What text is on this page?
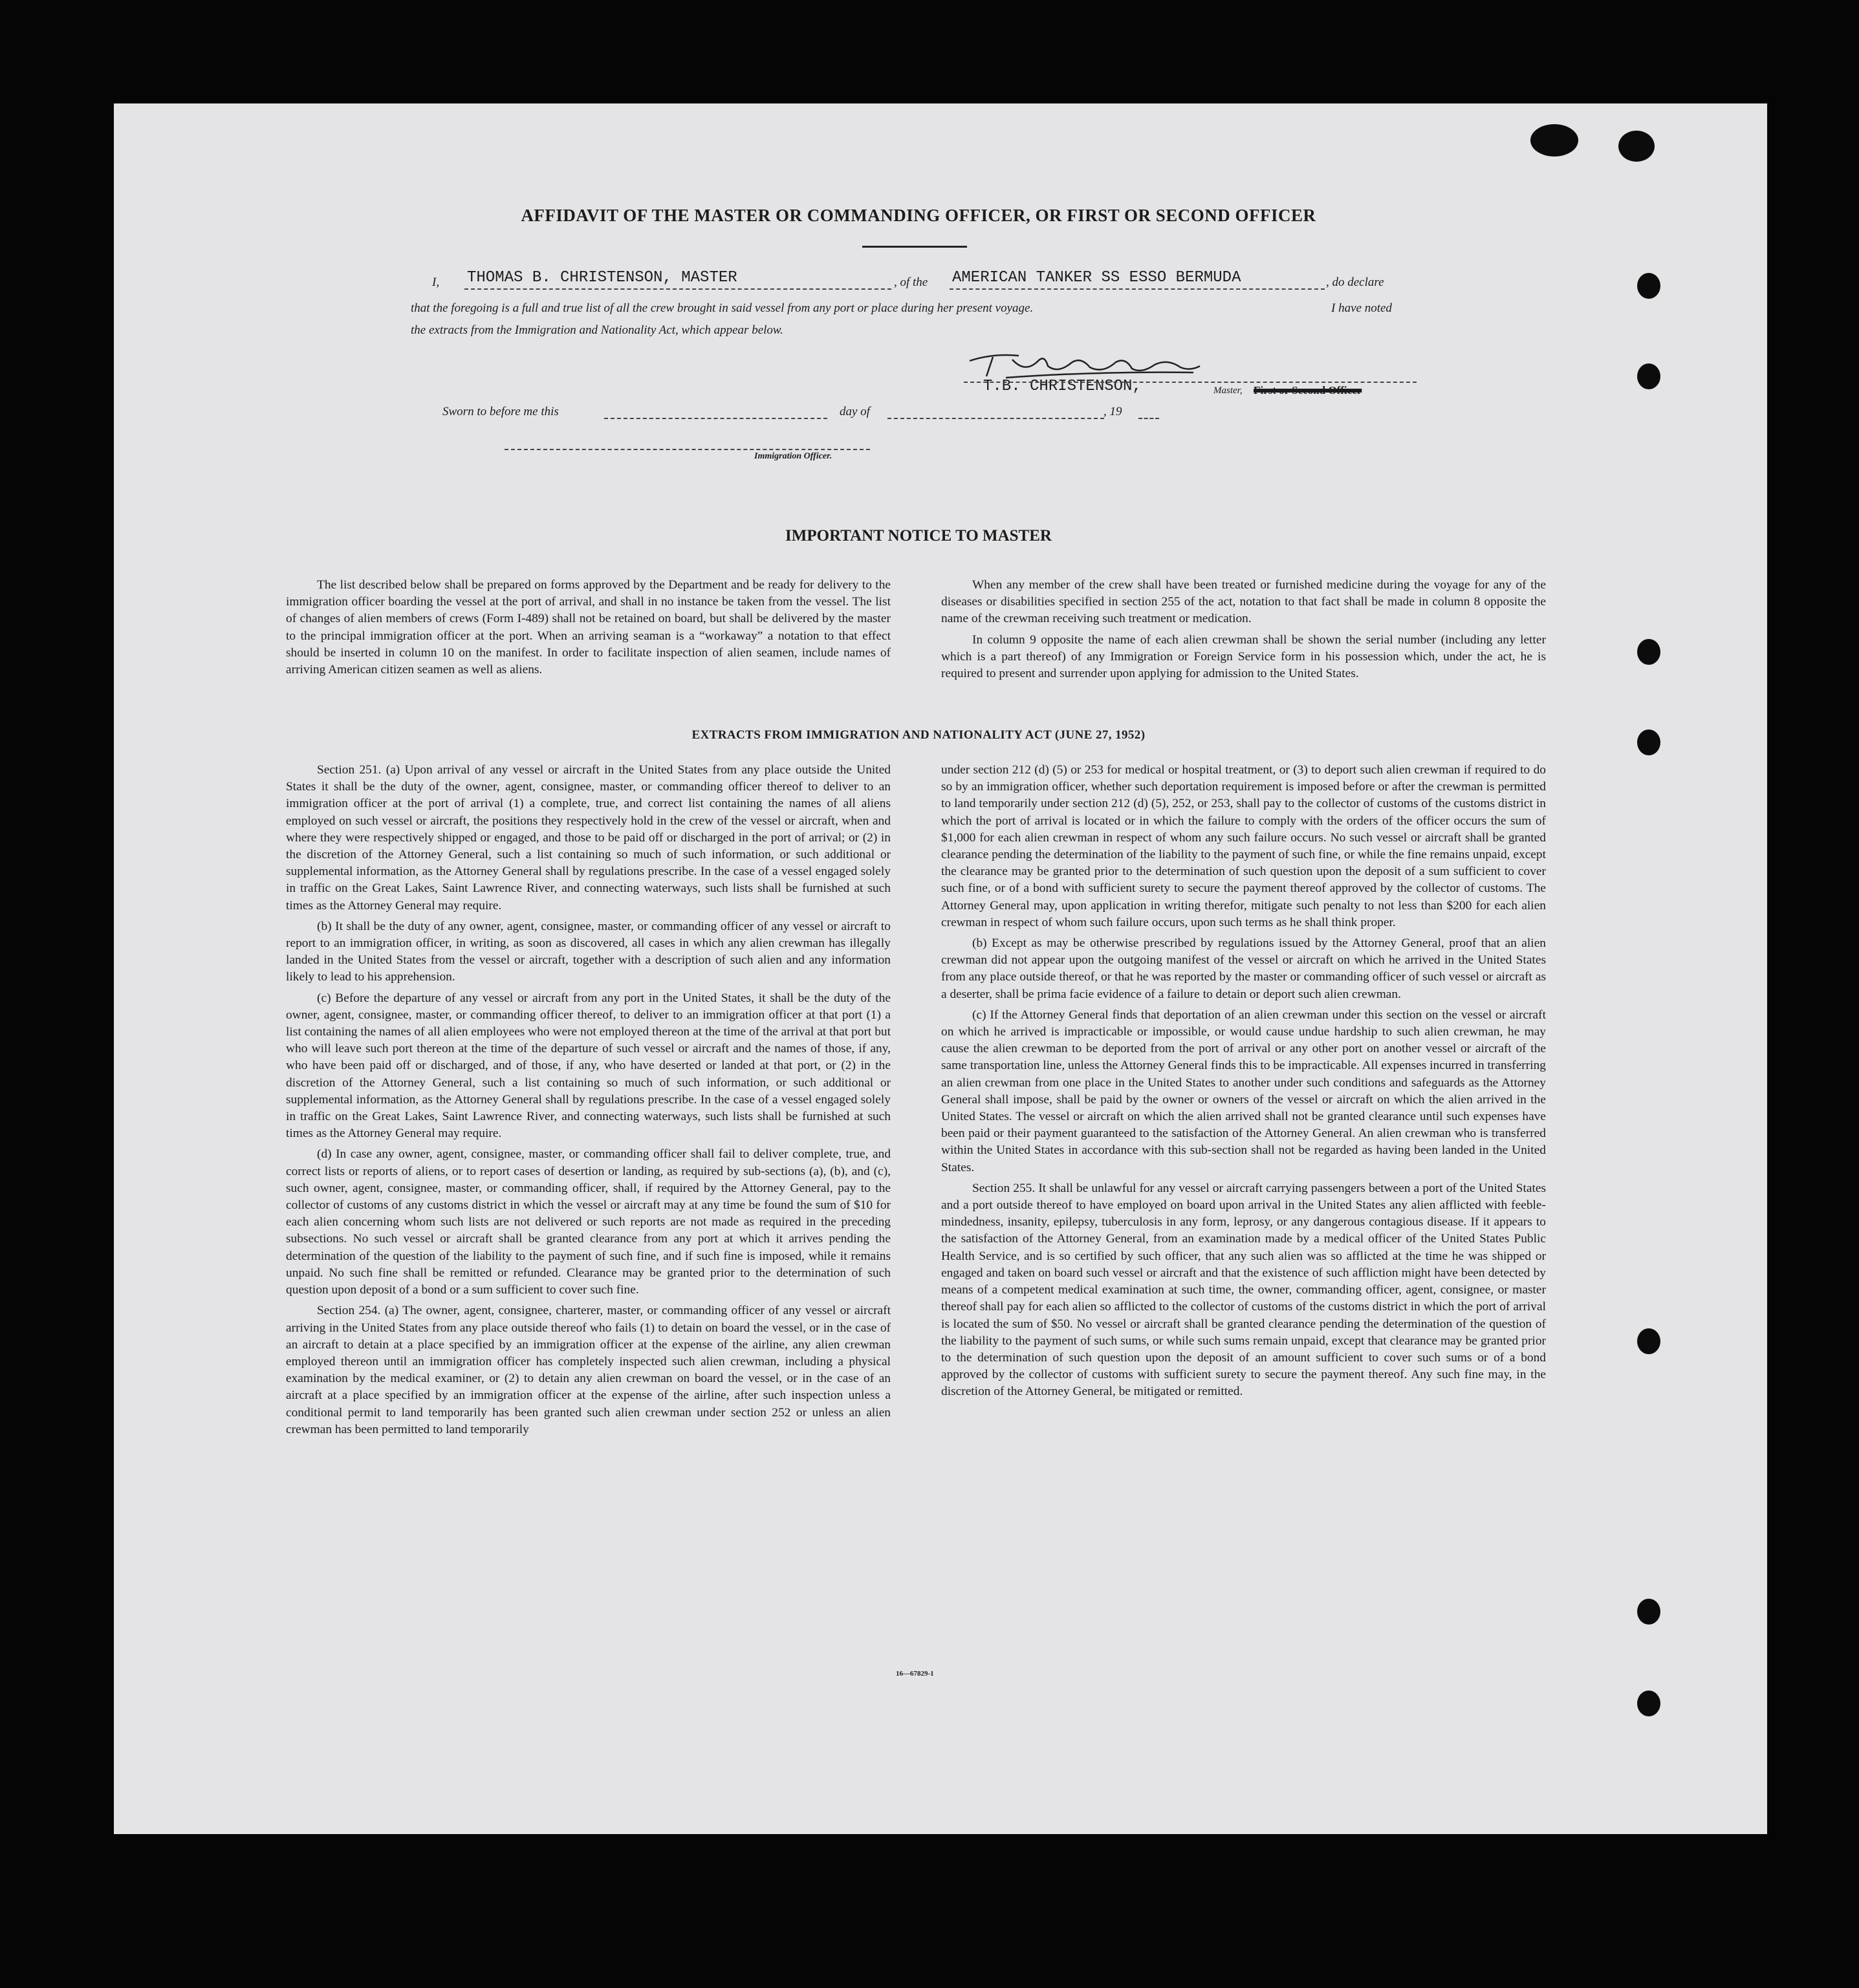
AFFIDAVIT OF THE MASTER OR COMMANDING OFFICER, OR FIRST OR SECOND OFFICER
I, THOMAS B. CHRISTENSON, MASTER	, of the AMERICAN TANKER SS ESSO BERMUDA	, do declare
that the foregoing is a full and true list of all the crew brought in said vessel from any port or place during her present voyage.	I have noted
the extracts from the Immigration and Nationality Act, which appear below.
T.B. CHRISTENSON,	Master, First or Second Officer
Sworn to before me this	day of	, 19
Immigration Officer.
IMPORTANT NOTICE TO MASTER

The list described below shall be prepared on forms approved by the Department and be ready for delivery to the immigration officer boarding the vessel at the port of arrival, and shall in no instance be taken from the vessel. The list of changes of alien members of crews (Form I-489) shall not be retained on board, but shall be delivered by the master to the principal immigration officer at the port. When an arriving seaman is a “workaway” a notation to that effect should be inserted in column 10 on the manifest. In order to facilitate inspection of alien seamen, include names of arriving American citizen seamen as well as aliens.

When any member of the crew shall have been treated or furnished medicine during the voyage for any of the diseases or disabilities specified in section 255 of the act, notation to that fact shall be made in column 8 opposite the name of the crewman receiving such treatment or medication.

In column 9 opposite the name of each alien crewman shall be shown the serial number (including any letter which is a part thereof) of any Immigration or Foreign Service form in his possession which, under the act, he is required to present and surrender upon applying for admission to the United States.

EXTRACTS FROM IMMIGRATION AND NATIONALITY ACT (JUNE 27, 1952)

Section 251. (a) Upon arrival of any vessel or aircraft in the United States from any place outside the United States it shall be the duty of the owner, agent, consignee, master, or commanding officer thereof to deliver to an immigration officer at the port of arrival (1) a complete, true, and correct list containing the names of all aliens employed on such vessel or aircraft, the positions they respectively hold in the crew of the vessel or aircraft, when and where they were respectively shipped or engaged, and those to be paid off or discharged in the port of arrival; or (2) in the discretion of the Attorney General, such a list containing so much of such information, or such additional or supplemental information, as the Attorney General shall by regulations prescribe. In the case of a vessel engaged solely in traffic on the Great Lakes, Saint Lawrence River, and connecting waterways, such lists shall be furnished at such times as the Attorney General may require.

(b) It shall be the duty of any owner, agent, consignee, master, or commanding officer of any vessel or aircraft to report to an immigration officer, in writing, as soon as discovered, all cases in which any alien crewman has illegally landed in the United States from the vessel or aircraft, together with a description of such alien and any information likely to lead to his apprehension.

(c) Before the departure of any vessel or aircraft from any port in the United States, it shall be the duty of the owner, agent, consignee, master, or commanding officer thereof, to deliver to an immigration officer at that port (1) a list containing the names of all alien employees who were not employed thereon at the time of the arrival at that port but who will leave such port thereon at the time of the departure of such vessel or aircraft and the names of those, if any, who have been paid off or discharged, and of those, if any, who have deserted or landed at that port, or (2) in the discretion of the Attorney General, such a list containing so much of such information, or such additional or supplemental information, as the Attorney General shall by regulations prescribe. In the case of a vessel engaged solely in traffic on the Great Lakes, Saint Lawrence River, and connecting waterways, such lists shall be furnished at such times as the Attorney General may require.

(d) In case any owner, agent, consignee, master, or commanding officer shall fail to deliver complete, true, and correct lists or reports of aliens, or to report cases of desertion or landing, as required by sub-sections (a), (b), and (c), such owner, agent, consignee, master, or commanding officer, shall, if required by the Attorney General, pay to the collector of customs of any customs district in which the vessel or aircraft may at any time be found the sum of $10 for each alien concerning whom such lists are not delivered or such reports are not made as required in the preceding subsections. No such vessel or aircraft shall be granted clearance from any port at which it arrives pending the determination of the question of the liability to the payment of such fine, and if such fine is imposed, while it remains unpaid. No such fine shall be remitted or refunded. Clearance may be granted prior to the determination of such question upon deposit of a bond or a sum sufficient to cover such fine.

Section 254. (a) The owner, agent, consignee, charterer, master, or commanding officer of any vessel or aircraft arriving in the United States from any place outside thereof who fails (1) to detain on board the vessel, or in the case of an aircraft to detain at a place specified by an immigration officer at the expense of the airline, any alien crewman employed thereon until an immigration officer has completely inspected such alien crewman, including a physical examination by the medical examiner, or (2) to detain any alien crewman on board the vessel, or in the case of an aircraft at a place specified by an immigration officer at the expense of the airline, after such inspection unless a conditional permit to land temporarily has been granted such alien crewman under section 252 or unless an alien crewman has been permitted to land temporarily

under section 212 (d) (5) or 253 for medical or hospital treatment, or (3) to deport such alien crewman if required to do so by an immigration officer, whether such deportation requirement is imposed before or after the crewman is permitted to land temporarily under section 212 (d) (5), 252, or 253, shall pay to the collector of customs of the customs district in which the port of arrival is located or in which the failure to comply with the orders of the officer occurs the sum of $1,000 for each alien crewman in respect of whom any such failure occurs. No such vessel or aircraft shall be granted clearance pending the determination of the liability to the payment of such fine, or while the fine remains unpaid, except the clearance may be granted prior to the determination of such question upon the deposit of a sum sufficient to cover such fine, or of a bond with sufficient surety to secure the payment thereof approved by the collector of customs. The Attorney General may, upon application in writing therefor, mitigate such penalty to not less than $200 for each alien crewman in respect of whom such failure occurs, upon such terms as he shall think proper.

(b) Except as may be otherwise prescribed by regulations issued by the Attorney General, proof that an alien crewman did not appear upon the outgoing manifest of the vessel or aircraft on which he arrived in the United States from any place outside thereof, or that he was reported by the master or commanding officer of such vessel or aircraft as a deserter, shall be prima facie evidence of a failure to detain or deport such alien crewman.

(c) If the Attorney General finds that deportation of an alien crewman under this section on the vessel or aircraft on which he arrived is impracticable or impossible, or would cause undue hardship to such alien crewman, he may cause the alien crewman to be deported from the port of arrival or any other port on another vessel or aircraft of the same transportation line, unless the Attorney General finds this to be impracticable. All expenses incurred in transferring an alien crewman from one place in the United States to another under such conditions and safeguards as the Attorney General shall impose, shall be paid by the owner or owners of the vessel or aircraft on which the alien arrived in the United States. The vessel or aircraft on which the alien arrived shall not be granted clearance until such expenses have been paid or their payment guaranteed to the satisfaction of the Attorney General. An alien crewman who is transferred within the United States in accordance with this sub-section shall not be regarded as having been landed in the United States.

Section 255. It shall be unlawful for any vessel or aircraft carrying passengers between a port of the United States and a port outside thereof to have employed on board upon arrival in the United States any alien afflicted with feeble-mindedness, insanity, epilepsy, tuberculosis in any form, leprosy, or any dangerous contagious disease. If it appears to the satisfaction of the Attorney General, from an examination made by a medical officer of the United States Public Health Service, and is so certified by such officer, that any such alien was so afflicted at the time he was shipped or engaged and taken on board such vessel or aircraft and that the existence of such affliction might have been detected by means of a competent medical examination at such time, the owner, commanding officer, agent, consignee, or master thereof shall pay for each alien so afflicted to the collector of customs of the customs district in which the port of arrival is located the sum of $50. No vessel or aircraft shall be granted clearance pending the determination of the question of the liability to the payment of such sums, or while such sums remain unpaid, except that clearance may be granted prior to the determination of such question upon the deposit of an amount sufficient to cover such sums or of a bond approved by the collector of customs with sufficient surety to secure the payment thereof. Any such fine may, in the discretion of the Attorney General, be mitigated or remitted.

16—67829-1
